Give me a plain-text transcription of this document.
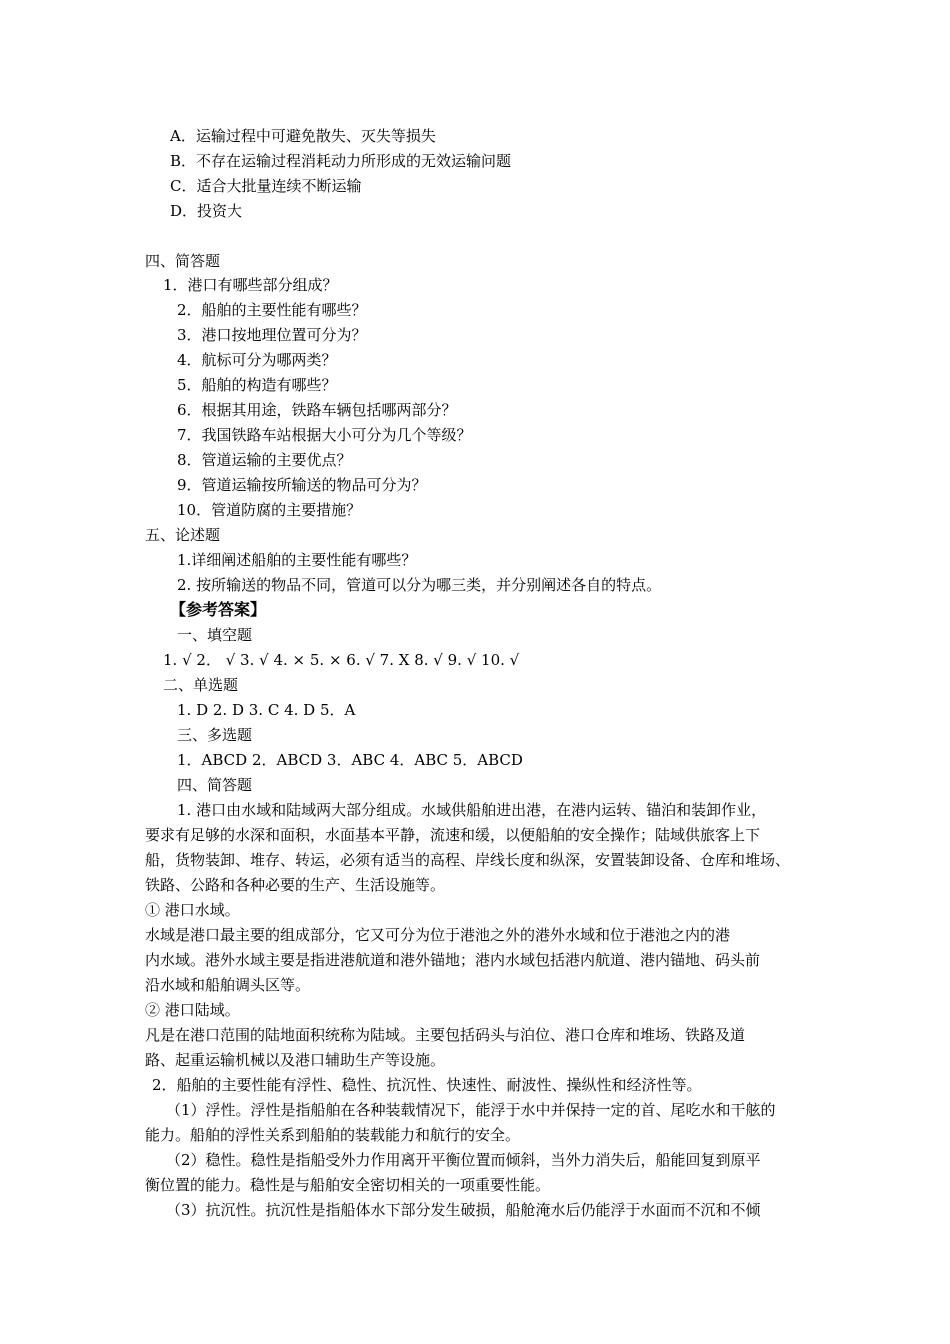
A．运输过程中可避免散失、灭失等损失
B．不存在运输过程消耗动力所形成的无效运输问题
C．适合大批量连续不断运输
D．投资大
四、简答题
1．港口有哪些部分组成？
2．船舶的主要性能有哪些？
3．港口按地理位置可分为？
4．航标可分为哪两类？
5．船舶的构造有哪些？
6．根据其用途，铁路车辆包括哪两部分？
7．我国铁路车站根据大小可分为几个等级？
8．管道运输的主要优点？
9．管道运输按所输送的物品可分为？
10．管道防腐的主要措施？
五、论述题
1.详细阐述船舶的主要性能有哪些？
2. 按所输送的物品不同，管道可以分为哪三类，并分别阐述各自的特点。
【参考答案】
一、填空题
1. √ 2． √ 3. √ 4. × 5. × 6. √ 7. Ⅹ 8. √ 9. √ 10. √
二、单选题
1. D 2. D 3. C 4. D 5．A
三、多选题
1．ABCD 2．ABCD 3．ABC 4．ABC 5．ABCD
四、简答题
1. 港口由水域和陆域两大部分组成。水域供船舶进出港，在港内运转、锚泊和装卸作业，
要求有足够的水深和面积，水面基本平静，流速和缓，以便船舶的安全操作；陆域供旅客上下
船，货物装卸、堆存、转运，必须有适当的高程、岸线长度和纵深，安置装卸设备、仓库和堆场、
铁路、公路和各种必要的生产、生活设施等。
① 港口水域。
水域是港口最主要的组成部分，它又可分为位于港池之外的港外水域和位于港池之内的港
内水域。港外水域主要是指进港航道和港外锚地；港内水域包括港内航道、港内锚地、码头前
沿水域和船舶调头区等。
② 港口陆域。
凡是在港口范围的陆地面积统称为陆域。主要包括码头与泊位、港口仓库和堆场、铁路及道
路、起重运输机械以及港口辅助生产等设施。
2．船舶的主要性能有浮性、稳性、抗沉性、快速性、耐波性、操纵性和经济性等。
（1）浮性。浮性是指船舶在各种装载情况下，能浮于水中并保持一定的首、尾吃水和干舷的
能力。船舶的浮性关系到船舶的装载能力和航行的安全。
（2）稳性。稳性是指船受外力作用离开平衡位置而倾斜，当外力消失后，船能回复到原平
衡位置的能力。稳性是与船舶安全密切相关的一项重要性能。
（3）抗沉性。抗沉性是指船体水下部分发生破损，船舱淹水后仍能浮于水面而不沉和不倾
